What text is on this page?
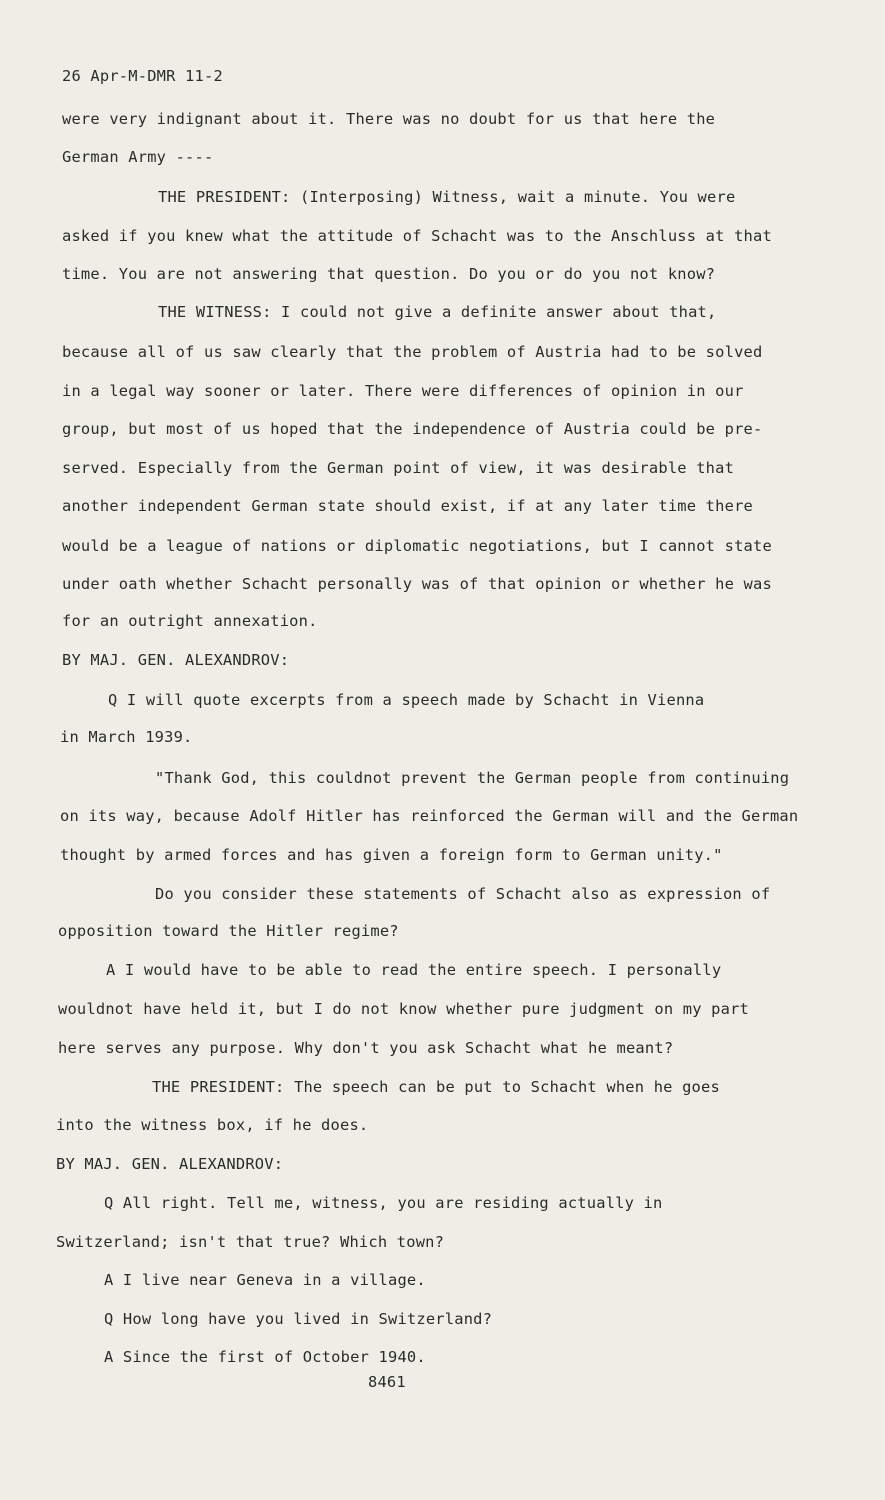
26 Apr-M-DMR 11-2
were very indignant about it. There was no doubt for us that here the
German Army ----
THE PRESIDENT: (Interposing) Witness, wait a minute. You were
asked if you knew what the attitude of Schacht was to the Anschluss at that
time. You are not answering that question. Do you or do you not know?
THE WITNESS: I could not give a definite answer about that,
because all of us saw clearly that the problem of Austria had to be solved
in a legal way sooner or later. There were differences of opinion in our
group, but most of us hoped that the independence of Austria could be pre-
served. Especially from the German point of view, it was desirable that
another independent German state should exist, if at any later time there
would be a league of nations or diplomatic negotiations, but I cannot state
under oath whether Schacht personally was of that opinion or whether he was
for an outright annexation.
BY MAJ. GEN. ALEXANDROV:
Q I will quote excerpts from a speech made by Schacht in Vienna
in March 1939.
"Thank God, this couldnot prevent the German people from continuing
on its way, because Adolf Hitler has reinforced the German will and the German
thought by armed forces and has given a foreign form to German unity."
Do you consider these statements of Schacht also as expression of
opposition toward the Hitler regime?
A I would have to be able to read the entire speech. I personally
wouldnot have held it, but I do not know whether pure judgment on my part
here serves any purpose. Why don't you ask Schacht what he meant?
THE PRESIDENT: The speech can be put to Schacht when he goes
into the witness box, if he does.
BY MAJ. GEN. ALEXANDROV:
Q All right. Tell me, witness, you are residing actually in
Switzerland; isn't that true? Which town?
A I live near Geneva in a village.
Q How long have you lived in Switzerland?
A Since the first of October 1940.
8461
